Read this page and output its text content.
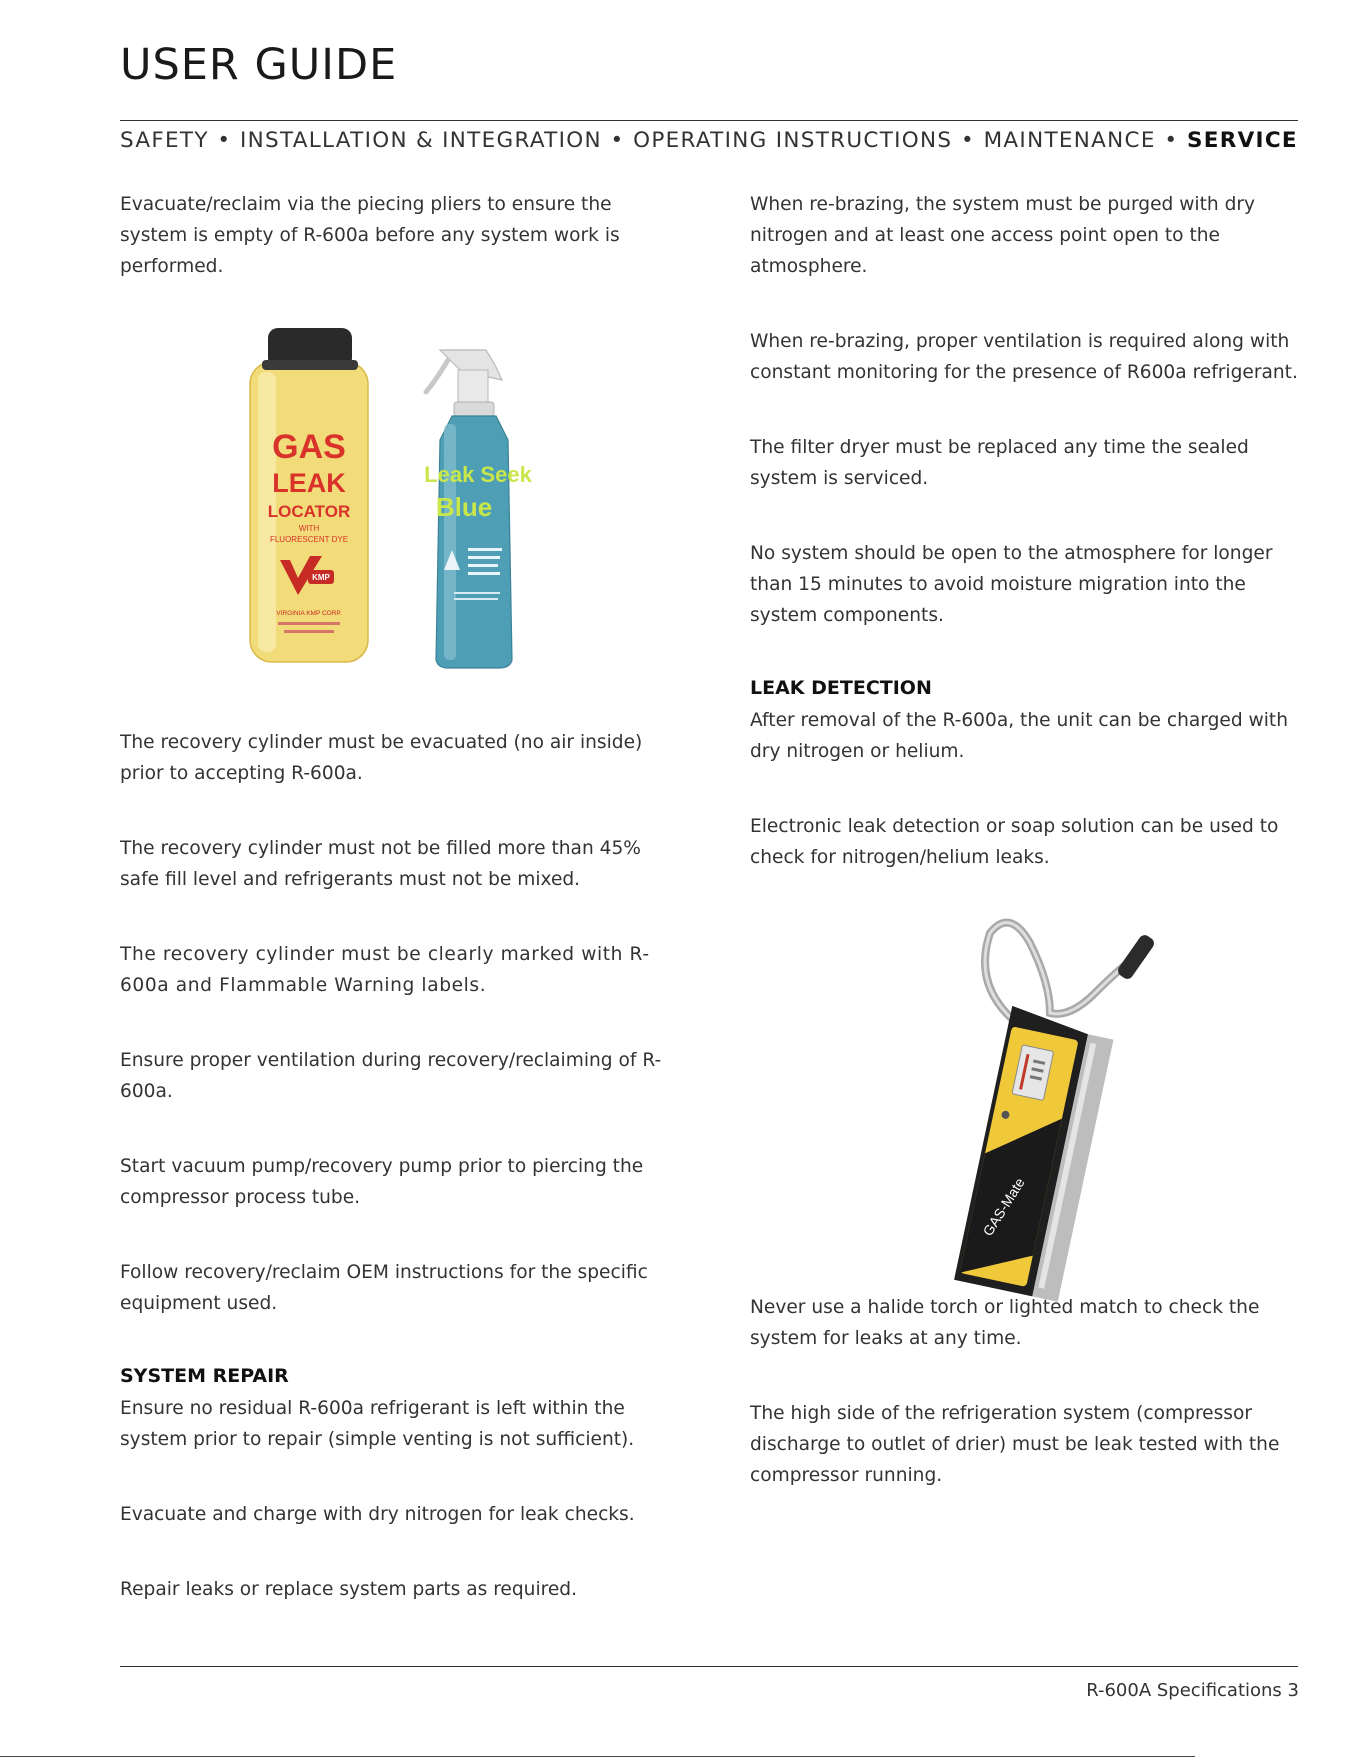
USER GUIDE
SAFETY • INSTALLATION & INTEGRATION • OPERATING INSTRUCTIONS • MAINTENANCE • SERVICE

Evacuate/reclaim via the piecing pliers to ensure the system is empty of R-600a before any system work is performed.

GAS
LEAK
LOCATOR
WITH
FLUORESCENT DYE
KMP
VIRGINIA KMP CORP.
Leak Seek
Blue

The recovery cylinder must be evacuated (no air inside) prior to accepting R-600a.

The recovery cylinder must not be filled more than 45% safe fill level and refrigerants must not be mixed.

The recovery cylinder must be clearly marked with R-600a and Flammable Warning labels.

Ensure proper ventilation during recovery/reclaiming of R-600a.

Start vacuum pump/recovery pump prior to piercing the compressor process tube.

Follow recovery/reclaim OEM instructions for the specific equipment used.

SYSTEM REPAIR

Ensure no residual R-600a refrigerant is left within the system prior to repair (simple venting is not sufficient).

Evacuate and charge with dry nitrogen for leak checks.

Repair leaks or replace system parts as required.

When re-brazing, the system must be purged with dry nitrogen and at least one access point open to the atmosphere.

When re-brazing, proper ventilation is required along with constant monitoring for the presence of R600a refrigerant.

The filter dryer must be replaced any time the sealed system is serviced.

No system should be open to the atmosphere for longer than 15 minutes to avoid moisture migration into the system components.

LEAK DETECTION

After removal of the R-600a, the unit can be charged with dry nitrogen or helium.

Electronic leak detection or soap solution can be used to check for nitrogen/helium leaks.

GAS-Mate

Never use a halide torch or lighted match to check the system for leaks at any time.

The high side of the refrigeration system (compressor discharge to outlet of drier) must be leak tested with the compressor running.

R-600A Specifications 3
